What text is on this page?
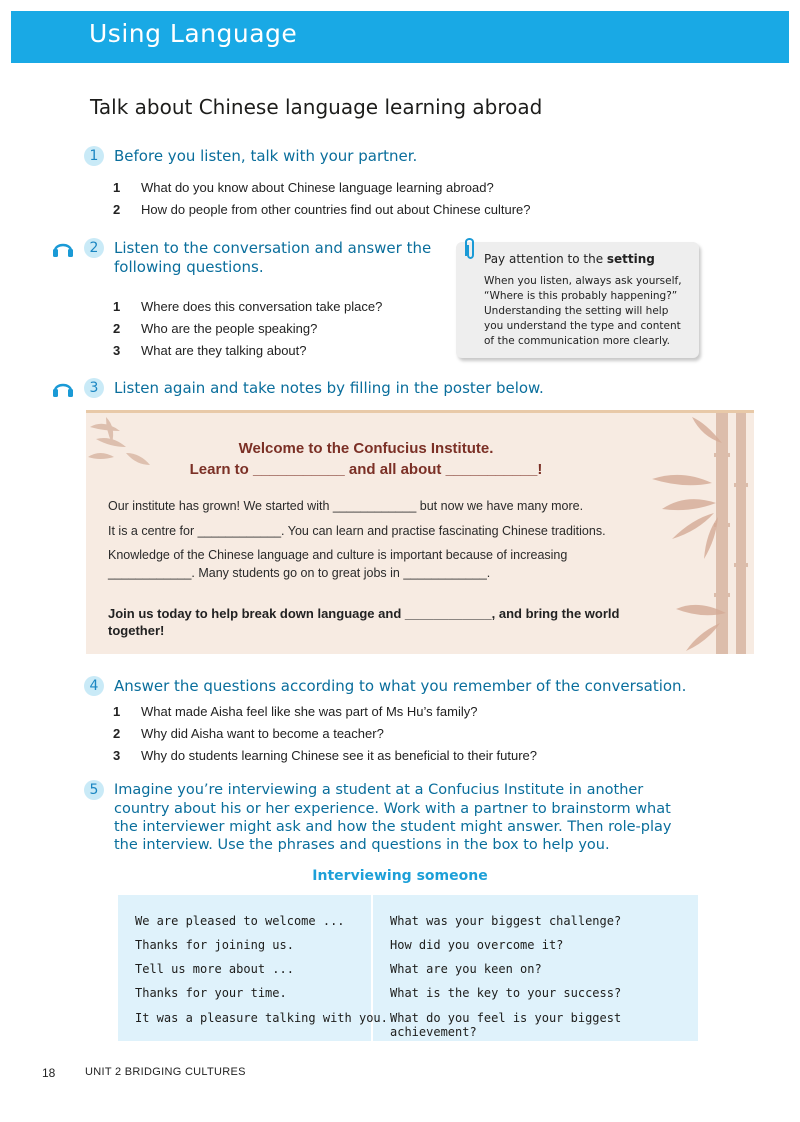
Using Language
Talk about Chinese language learning abroad
1	Before you listen, talk with your partner.
1 What do you know about Chinese language learning abroad?
2 How do people from other countries find out about Chinese culture?
2	Listen to the conversation and answer the
following questions.
1 Where does this conversation take place?
2 Who are the people speaking?
3 What are they talking about?
Pay attention to the setting
When you listen, always ask yourself,
“Where is this probably happening?”
Understanding the setting will help
you understand the type and content
of the communication more clearly.
3	Listen again and take notes by filling in the poster below.
Welcome to the Confucius Institute.
Learn to ___________ and all about ___________!
Our institute has grown! We started with ____________ but now we have many more.
It is a centre for ____________. You can learn and practise fascinating Chinese traditions.
Knowledge of the Chinese language and culture is important because of increasing
____________. Many students go on to great jobs in ____________.
Join us today to help break down language and ____________, and bring the world together!
4	Answer the questions according to what you remember of the conversation.
1 What made Aisha feel like she was part of Ms Hu’s family?
2 Why did Aisha want to become a teacher?
3 Why do students learning Chinese see it as beneficial to their future?
5	Imagine you’re interviewing a student at a Confucius Institute in another
country about his or her experience. Work with a partner to brainstorm what
the interviewer might ask and how the student might answer. Then role-play
the interview. Use the phrases and questions in the box to help you.
Interviewing someone
We are pleased to welcome ...
Thanks for joining us.
Tell us more about ...
Thanks for your time.
It was a pleasure talking with you.
What was your biggest challenge?
How did you overcome it?
What are you keen on?
What is the key to your success?
What do you feel is your biggest achievement?
18	UNIT 2 BRIDGING CULTURES
